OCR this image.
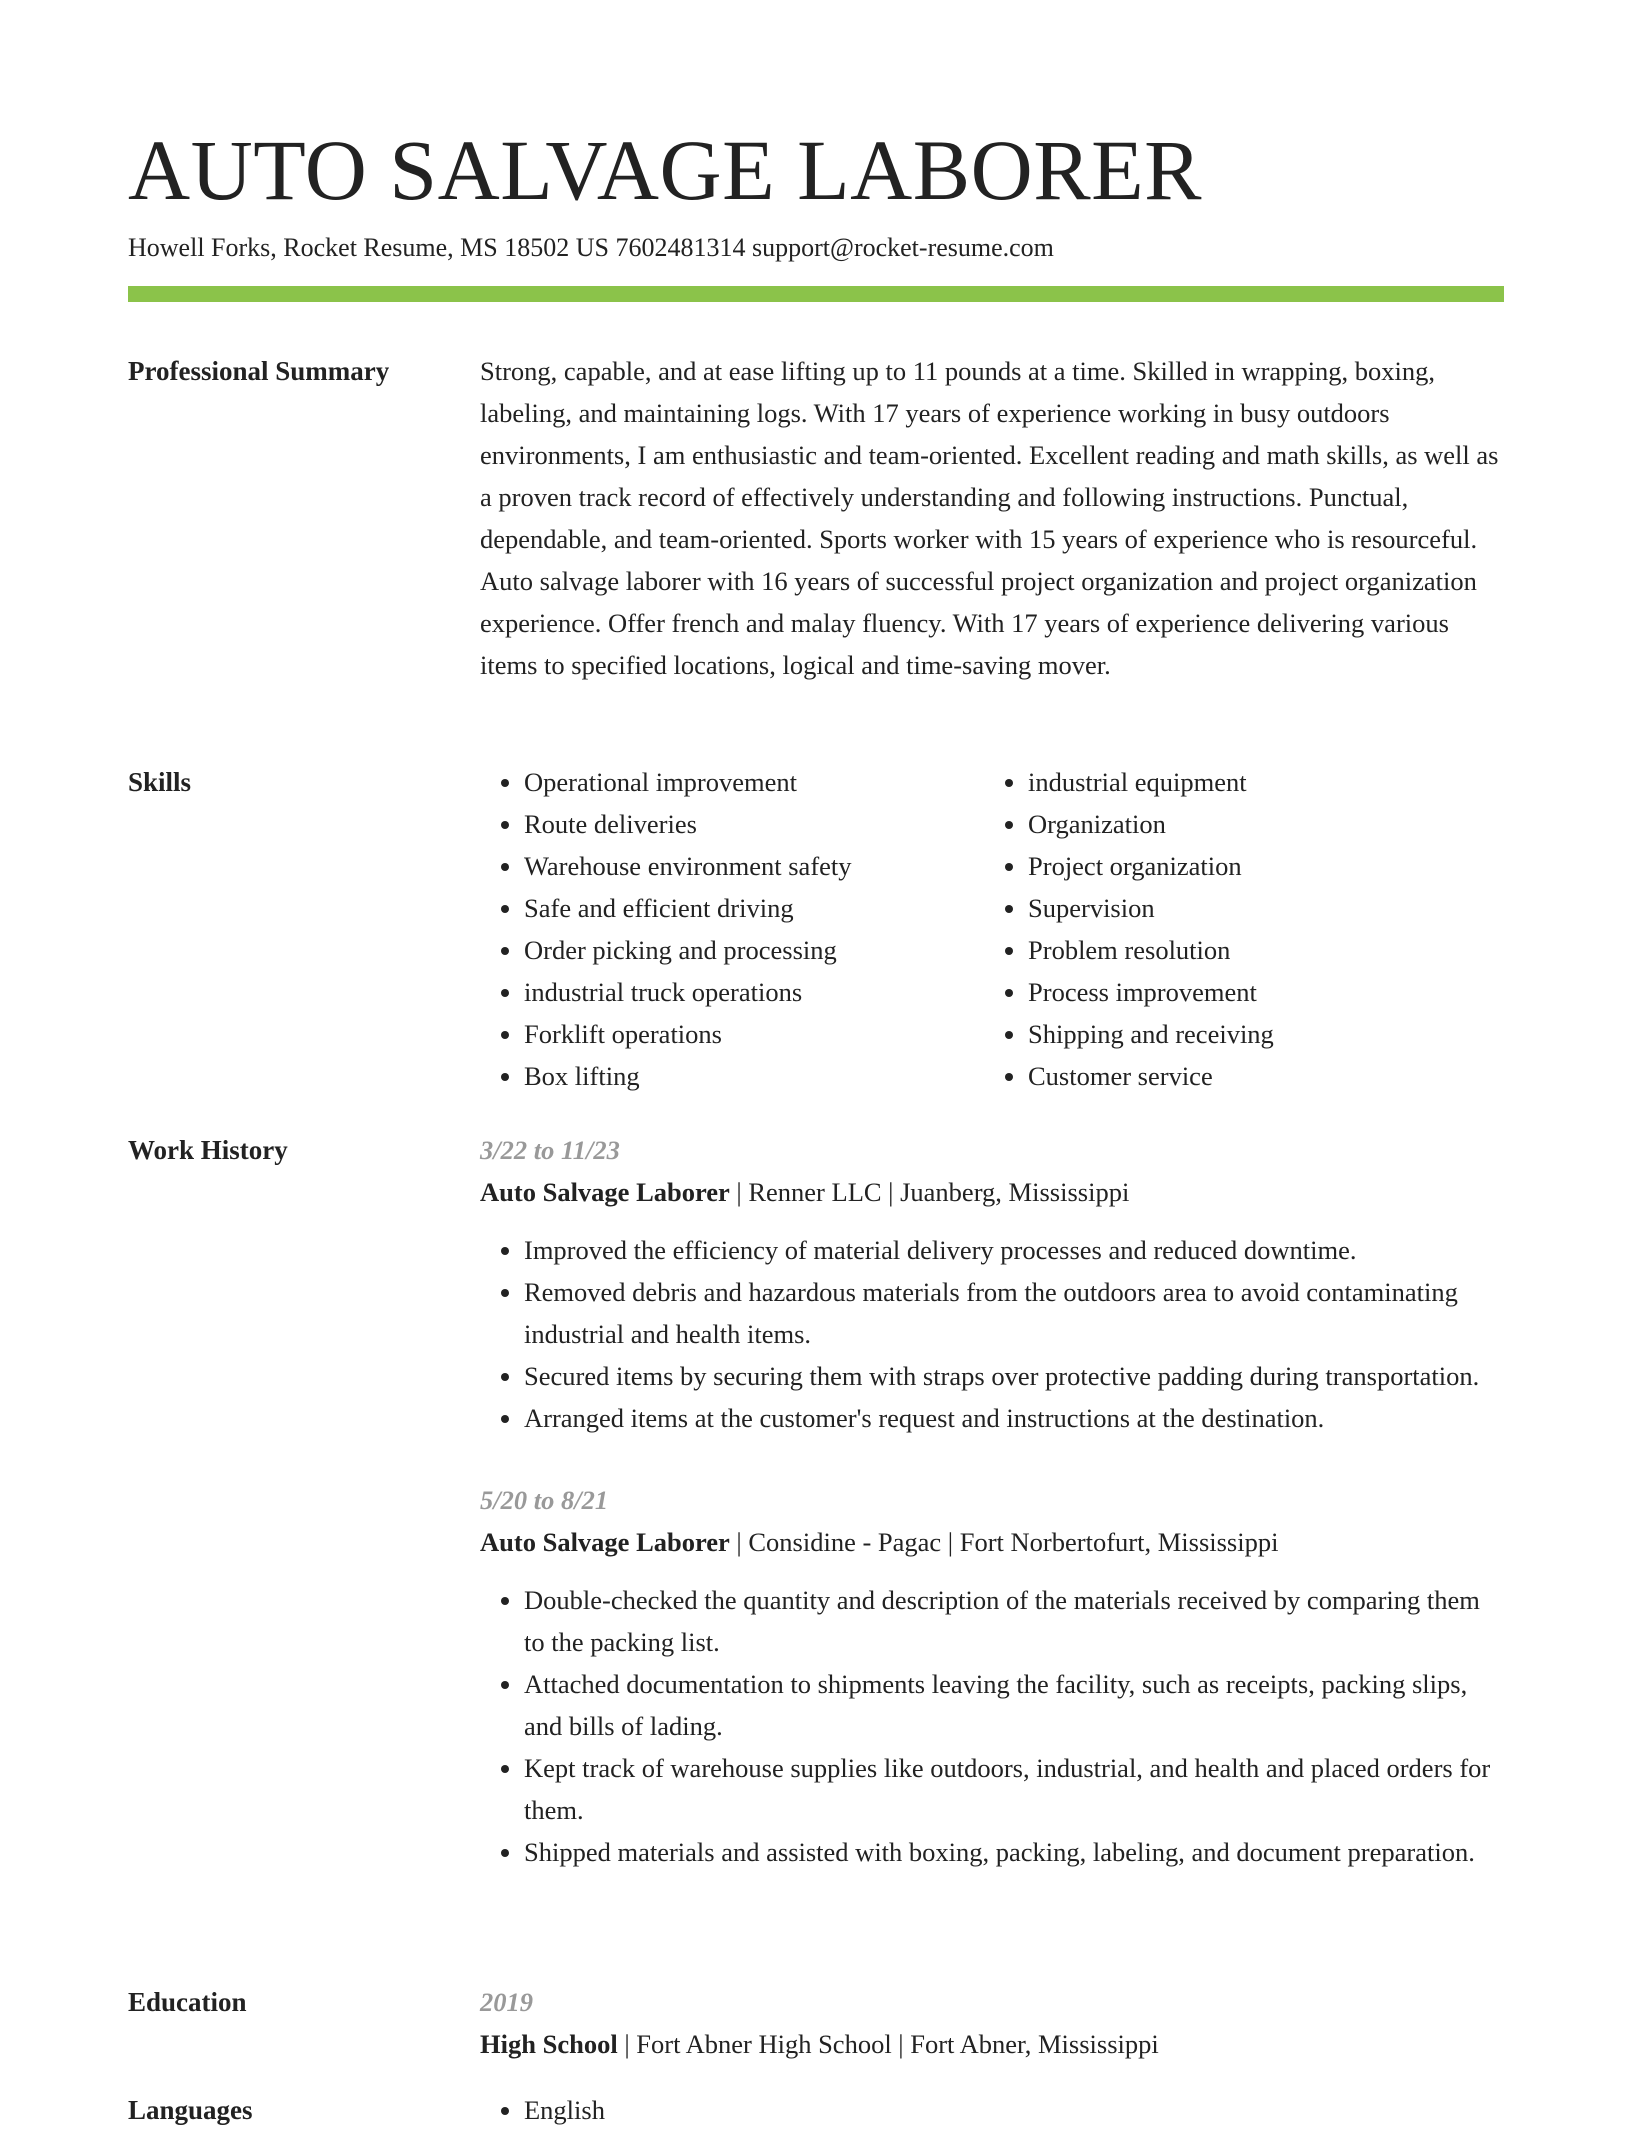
AUTO SALVAGE LABORER
Howell Forks, Rocket Resume, MS 18502 US 7602481314 support@rocket-resume.com
Professional Summary	Strong, capable, and at ease lifting up to 11 pounds at a time. Skilled in wrapping, boxing, labeling, and maintaining logs. With 17 years of experience working in busy outdoors environments, I am enthusiastic and team-oriented. Excellent reading and math skills, as well as a proven track record of effectively understanding and following instructions. Punctual, dependable, and team-oriented. Sports worker with 15 years of experience who is resourceful. Auto salvage laborer with 16 years of successful project organization and project organization experience. Offer french and malay fluency. With 17 years of experience delivering various items to specified locations, logical and time-saving mover.

Skills	• Operational improvement
• Route deliveries
• Warehouse environment safety
• Safe and efficient driving
• Order picking and processing
• industrial truck operations
• Forklift operations
• Box lifting
• industrial equipment
• Organization
• Project organization
• Supervision
• Problem resolution
• Process improvement
• Shipping and receiving
• Customer service
Work History	3/22 to 11/23
Auto Salvage Laborer | Renner LLC | Juanberg, Mississippi
• Improved the efficiency of material delivery processes and reduced downtime.
• Removed debris and hazardous materials from the outdoors area to avoid contaminating industrial and health items.
• Secured items by securing them with straps over protective padding during transportation.
• Arranged items at the customer's request and instructions at the destination.
5/20 to 8/21
Auto Salvage Laborer | Considine - Pagac | Fort Norbertofurt, Mississippi
• Double-checked the quantity and description of the materials received by comparing them to the packing list.
• Attached documentation to shipments leaving the facility, such as receipts, packing slips, and bills of lading.
• Kept track of warehouse supplies like outdoors, industrial, and health and placed orders for them.
• Shipped materials and assisted with boxing, packing, labeling, and document preparation.
Education	2019
High School | Fort Abner High School | Fort Abner, Mississippi
Languages	• English
